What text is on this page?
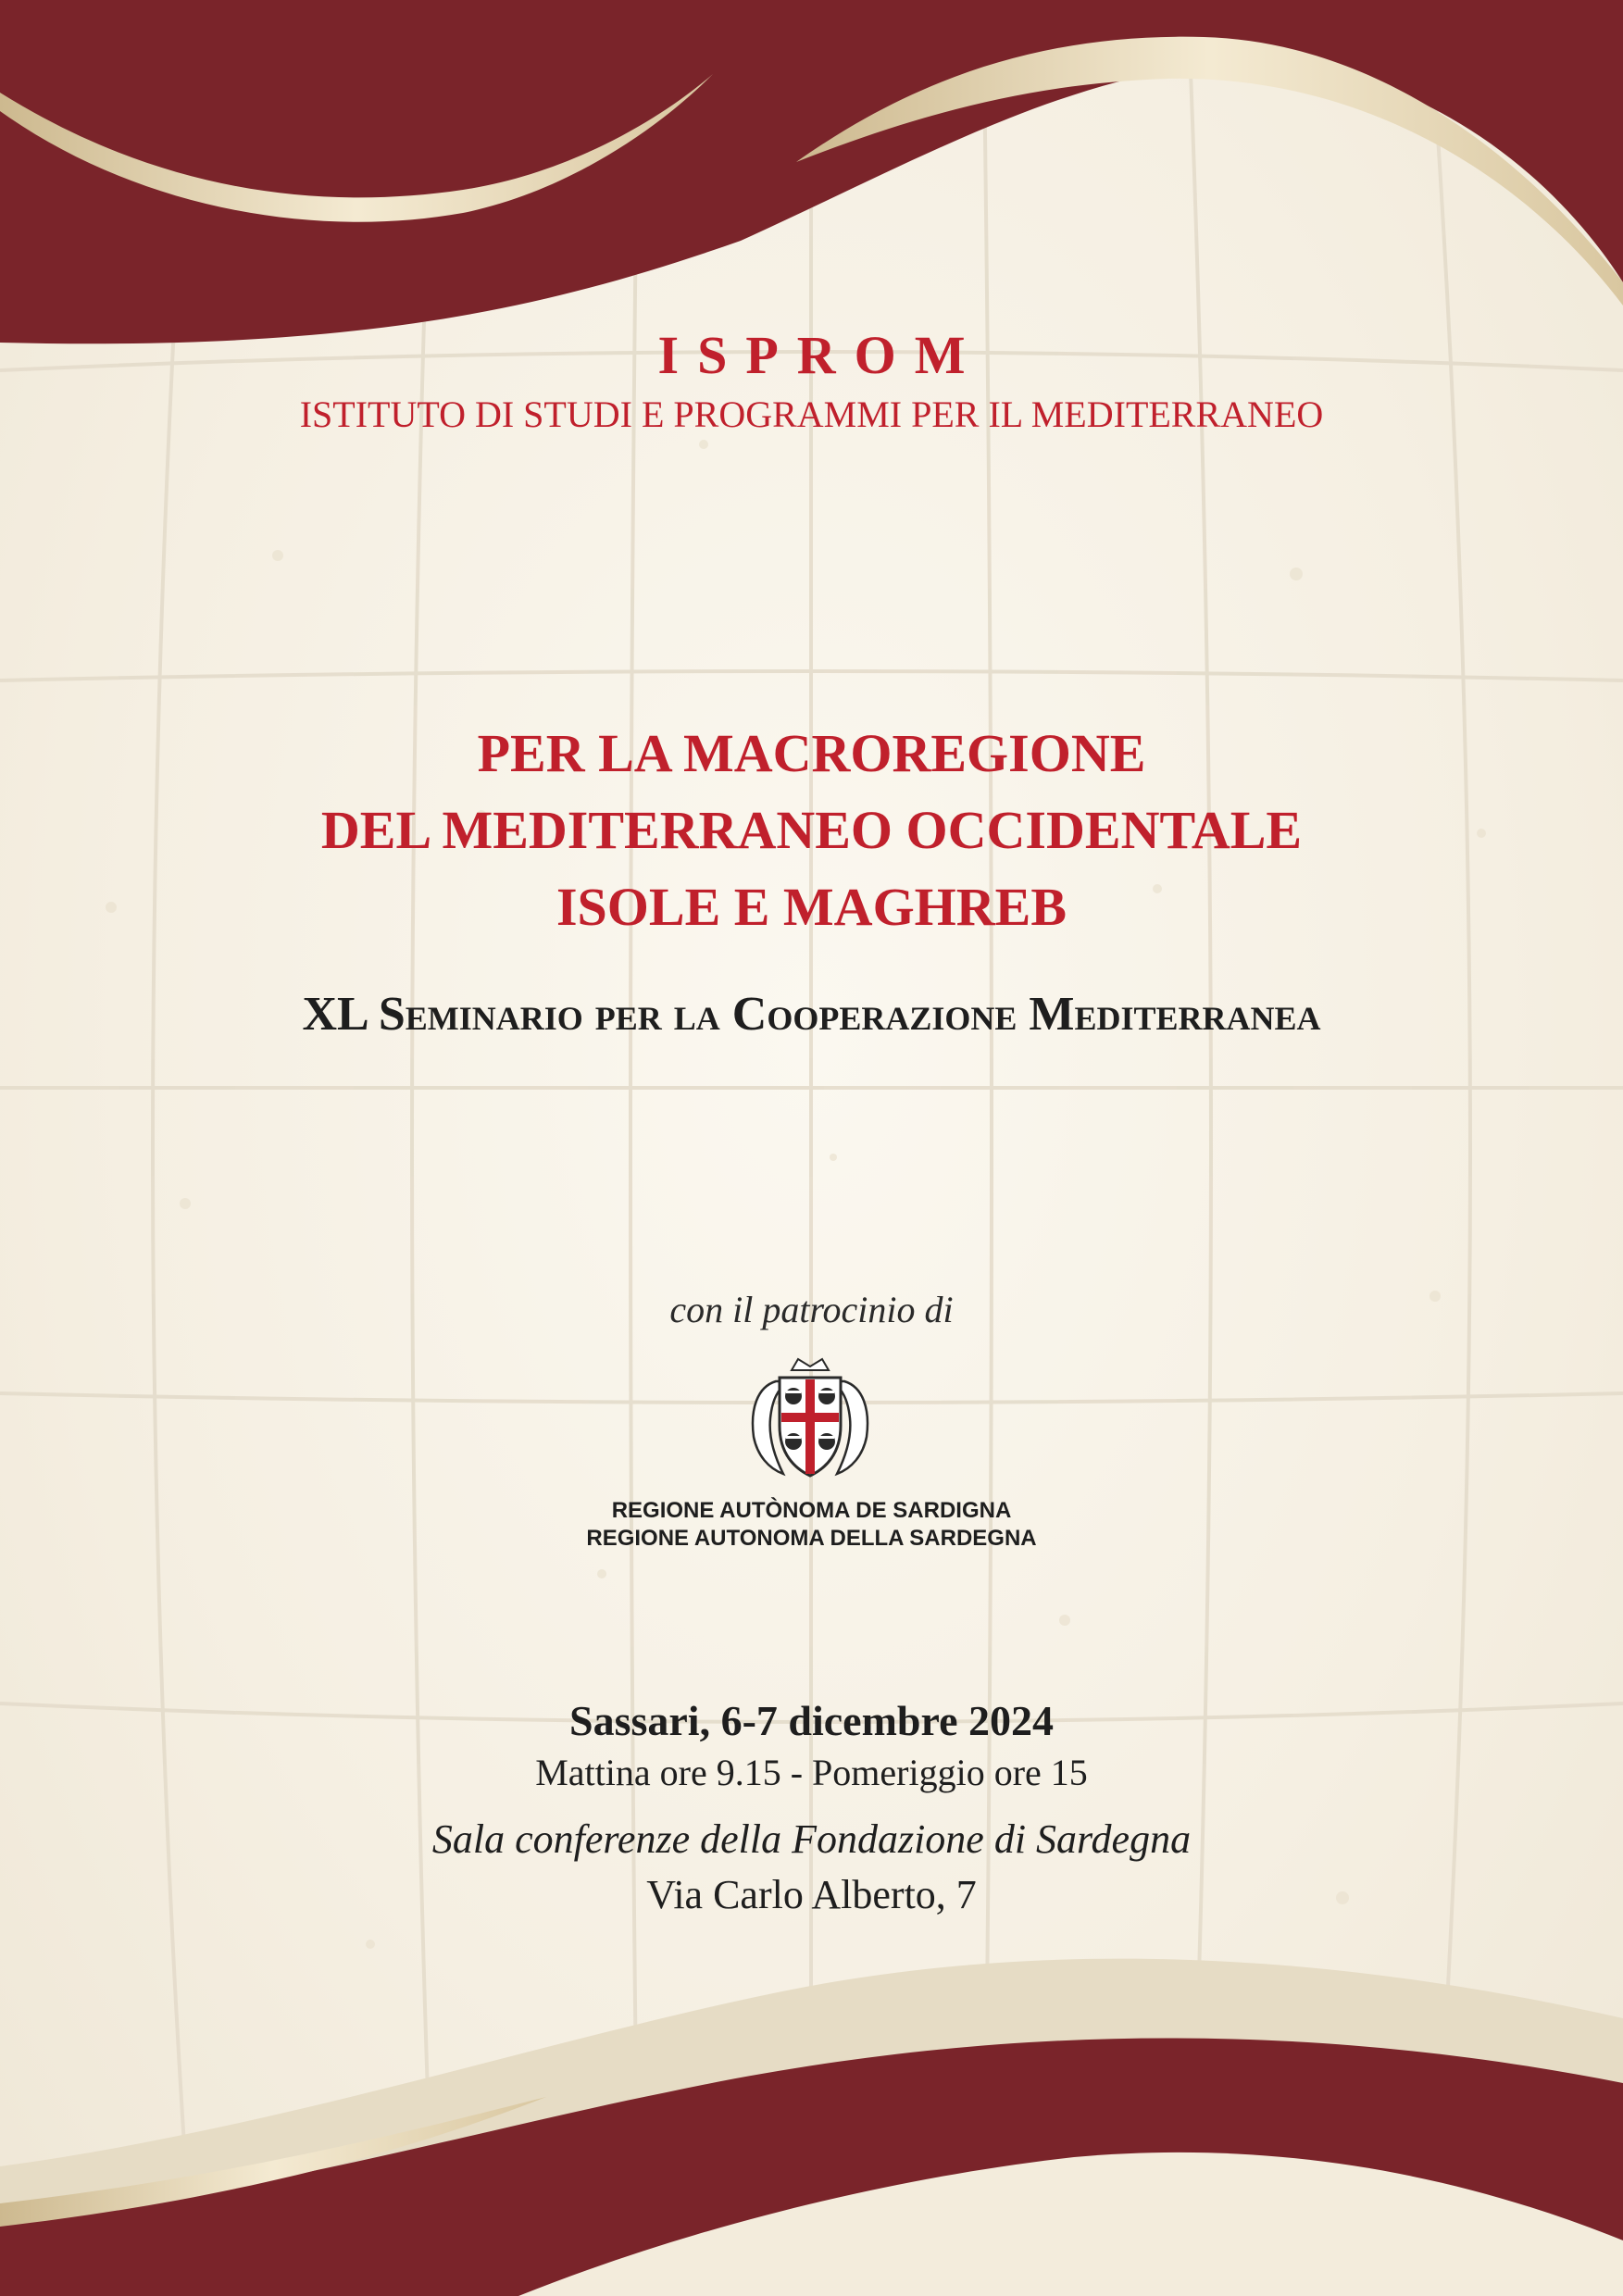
ISPROM
ISTITUTO DI STUDI E PROGRAMMI PER IL MEDITERRANEO
PER LA MACROREGIONE
DEL MEDITERRANEO OCCIDENTALE
ISOLE E MAGHREB
XL Seminario per la Cooperazione Mediterranea
con il patrocinio di
REGIONE AUTÒNOMA DE SARDIGNA
REGIONE AUTONOMA DELLA SARDEGNA
Sassari, 6-7 dicembre 2024
Mattina ore 9.15 - Pomeriggio ore 15
Sala conferenze della Fondazione di Sardegna
Via Carlo Alberto, 7
